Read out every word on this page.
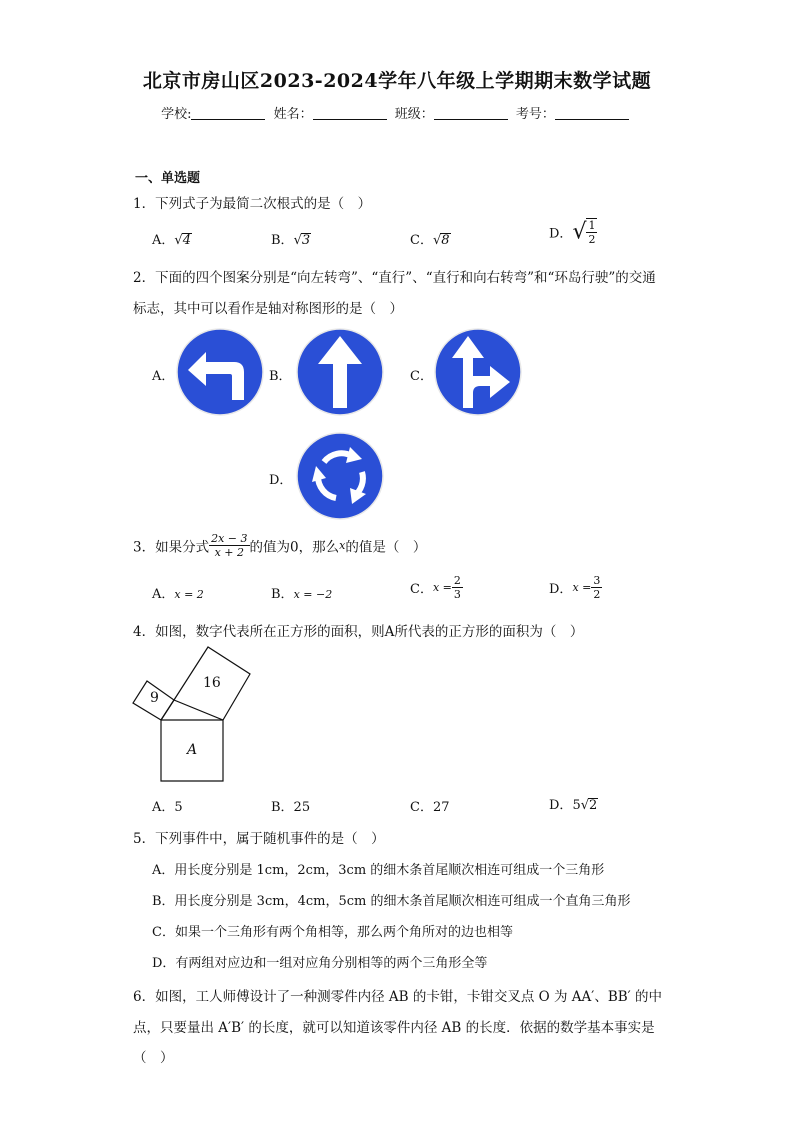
北京市房山区2023-2024学年八年级上学期期末数学试题
学校:	姓名：	班级：	考号：
一、单选题
1．下列式子为最简二次根式的是（　）
A．√4	B．√3	C．√8	D．√ $\frac{1}{2}$
2．下面的四个图案分别是“向左转弯”、“直行”、“直行和向右转弯”和“环岛行驶”的交通
标志，其中可以看作是轴对称图形的是（　）
A．	B．	C．
D．
3．如果分式 $\frac{2x - 3}{x + 2}$ 的值为0，那么x的值是（　）
A．x = 2	B．x = −2	C．$x = \frac{2}{3}$	D．$x = \frac{3}{2}$
4．如图，数字代表所在正方形的面积，则A所代表的正方形的面积为（　）
9
16
A
A．5	B．25	C．27	D．5√2
5．下列事件中，属于随机事件的是（　）
A．用长度分别是 1cm，2cm，3cm 的细木条首尾顺次相连可组成一个三角形
B．用长度分别是 3cm，4cm，5cm 的细木条首尾顺次相连可组成一个直角三角形
C．如果一个三角形有两个角相等，那么两个角所对的边也相等
D．有两组对应边和一组对应角分别相等的两个三角形全等
6．如图，工人师傅设计了一种测零件内径 AB 的卡钳，卡钳交叉点 O 为 AA′、BB′ 的中
点，只要量出 A′B′ 的长度，就可以知道该零件内径 AB 的长度．依据的数学基本事实是
（　）
